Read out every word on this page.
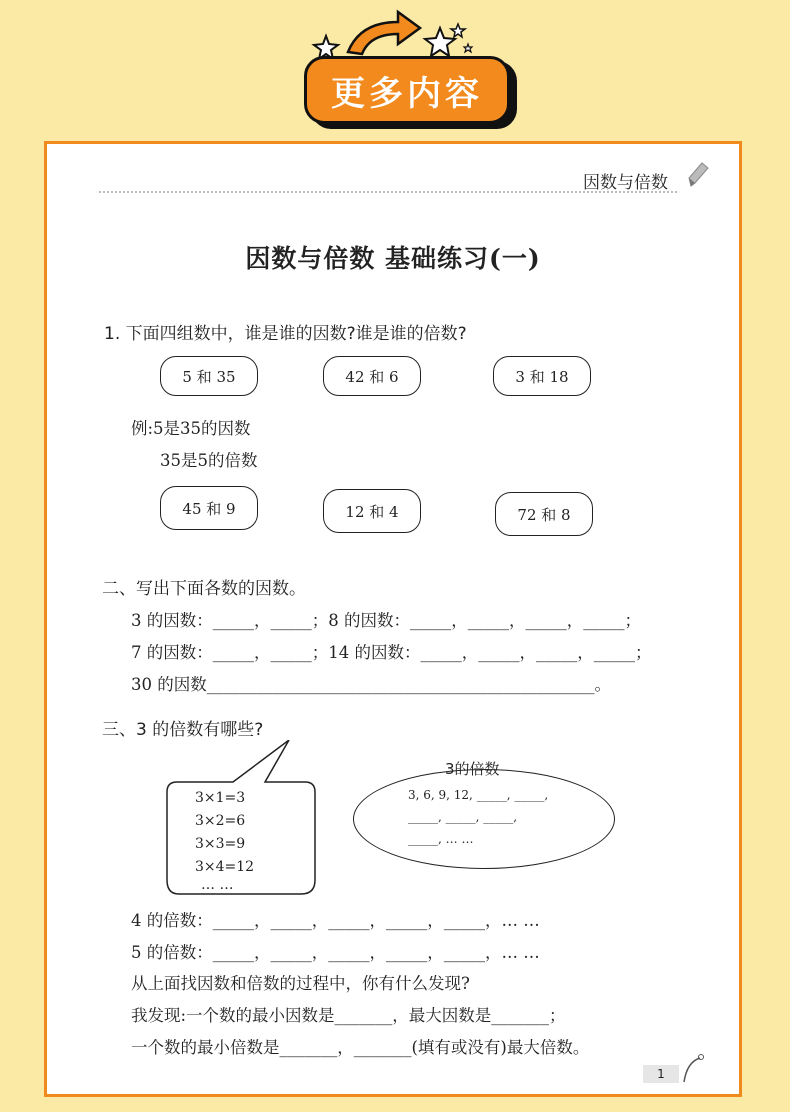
更多内容
因数与倍数
因数与倍数 基础练习(一)
1. 下面四组数中，谁是谁的因数?谁是谁的倍数?
5 和 35	42 和 6	3 和 18
例:5是35的因数
35是5的倍数
45 和 9	12 和 4	72 和 8
二、写出下面各数的因数。
3 的因数：_____，_____；8 的因数：_____，_____，_____，_____；
7 的因数：_____，_____；14 的因数：_____，_____，_____，_____；
30 的因数_______________________________________________。
三、3 的倍数有哪些?
3×1=3
3×2=6
3×3=9
3×4=12
… …
3的倍数
3, 6, 9, 12, _____, _____,
_____, _____, _____,
_____, … …
4 的倍数：_____，_____，_____，_____，_____，… …
5 的倍数：_____，_____，_____，_____，_____，… …
从上面找因数和倍数的过程中，你有什么发现?
我发现:一个数的最小因数是_______，最大因数是_______；
一个数的最小倍数是_______，_______(填有或没有)最大倍数。
1
